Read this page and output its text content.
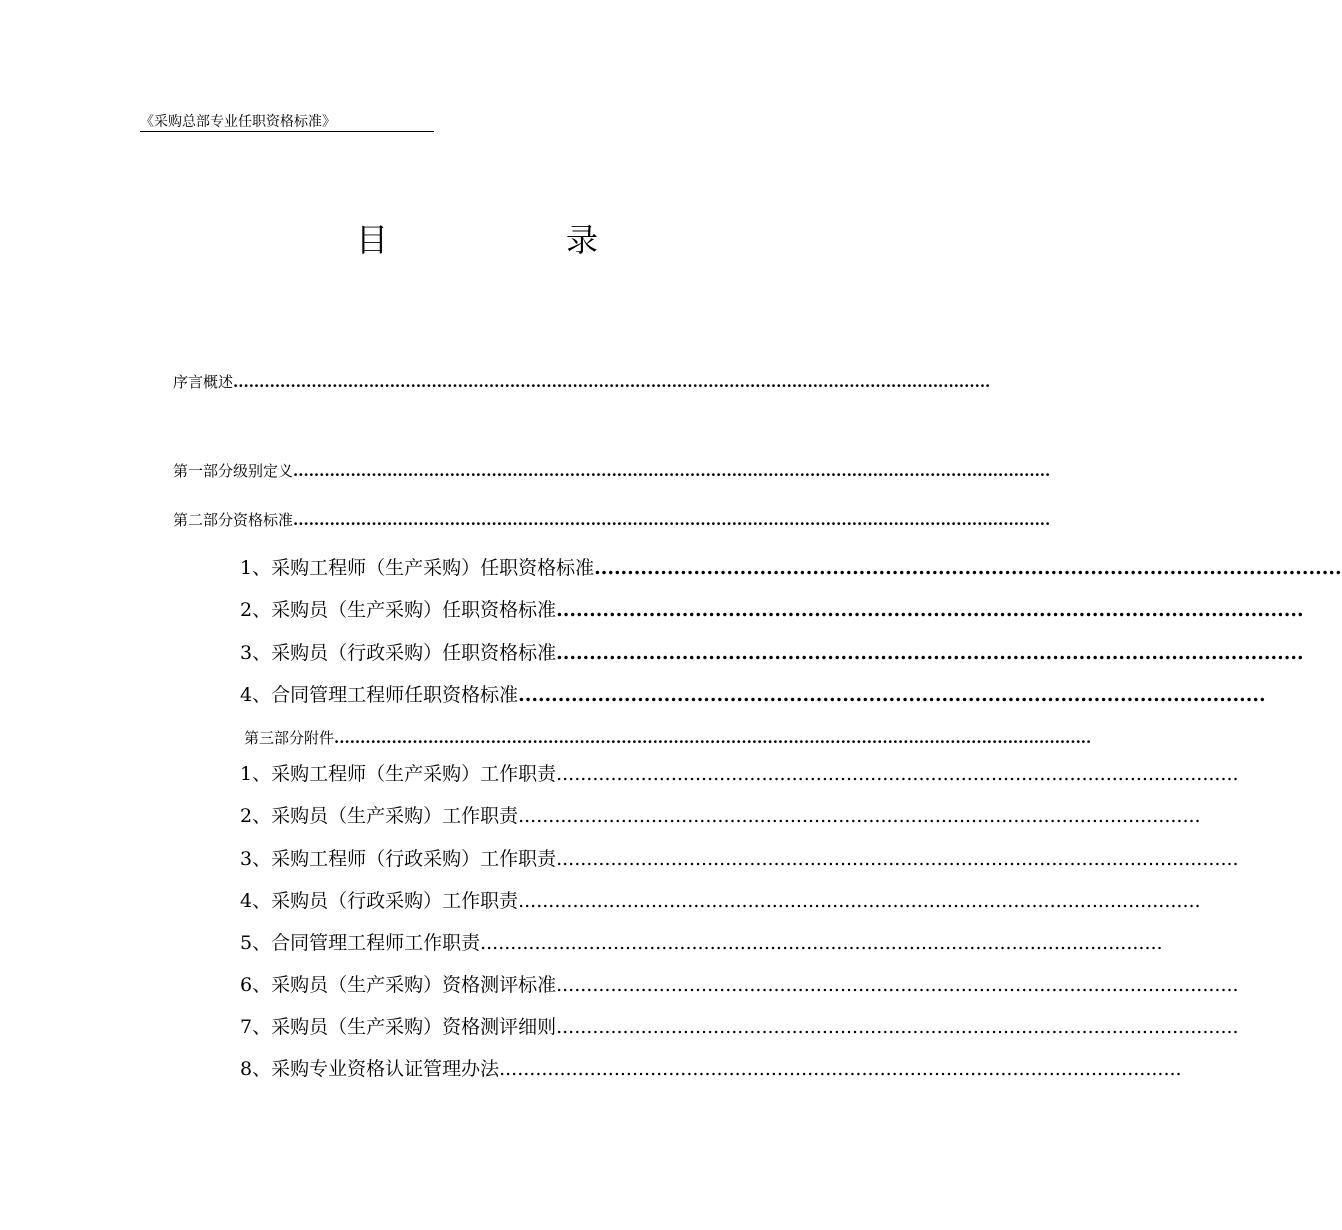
《采购总部专业任职资格标准》
目	录
序 言 概述 .................................................................................................................................................
第一部分 级别定义 .................................................................................................................................................
第二部分 资格标准 .................................................................................................................................................
1、采购工程师（生产采购）任职资格标准 .................................................................................................................
2、采购员（生产采购）任职资格标准 .................................................................................................................
3、采购员（行政采购）任职资格标准 .................................................................................................................
4、合同管理工程师任职资格标准 .................................................................................................................
第三部分 附件 .................................................................................................................................................
1、采购工程师（生产采购）工作职责 .................................................................................................................
2、采购员（生产采购）工作职责 .................................................................................................................
3、采购工程师（行政采购）工作职责 .................................................................................................................
4、采购员（行政采购）工作职责 .................................................................................................................
5、合同管理工程师工作职责 .................................................................................................................
6、采购员（生产采购）资格测评标准 .................................................................................................................
7、采购员（生产采购）资格测评细则 .................................................................................................................
8、采购专业资格认证管理办法 .................................................................................................................
